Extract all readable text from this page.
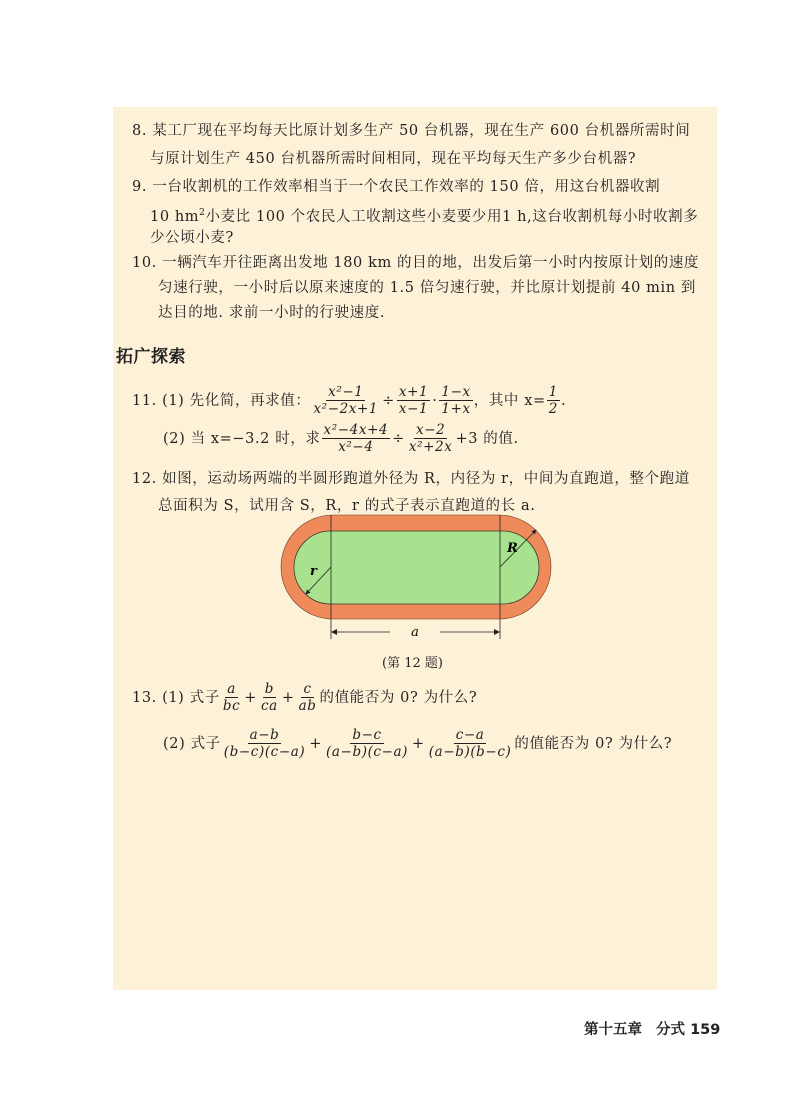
8. 某工厂现在平均每天比原计划多生产 50 台机器，现在生产 600 台机器所需时间
与原计划生产 450 台机器所需时间相同，现在平均每天生产多少台机器?
9. 一台收割机的工作效率相当于一个农民工作效率的 150 倍，用这台机器收割
10 $hm^2$小麦比 100 个农民人工收割这些小麦要少用1 h,这台收割机每小时收割多
少公顷小麦?
10. 一辆汽车开往距离出发地 180 km 的目的地，出发后第一小时内按原计划的速度
匀速行驶，一小时后以原来速度的 1.5 倍匀速行驶，并比原计划提前 40 min 到
达目的地. 求前一小时的行驶速度.
拓广探索
11.
(1)
先化简，再求值： $\frac{\text{x²−1}}{\text{x²−2x+1}} \div \frac{x+1}{x-1} \cdot \frac{1-x}{1+x}$ ，其中 $x= \frac{1}{2}$ .
(2)
当 x=−3.2 时，求 $\frac{\text{x²−4x+4}}{\text{x²−4}} \div \frac{x-2}{\text{x²+2x}} +3$ 的值.
12. 如图，运动场两端的半圆形跑道外径为 R，内径为 r，中间为直跑道，整个跑道
总面积为 S，试用含 S，R，r 的式子表示直跑道的长 a.
r
R
a
(第 12 题)
13.
(1)
式子 $\frac{a}{bc} + \frac{b}{ca} + \frac{c}{ab}$ 的值能否为 0? 为什么?
(2)
式子 $\frac{a-b}{(b-c)(c-a)} + \frac{b-c}{(a-b)(c-a)} + \frac{c-a}{(a-b)(b-c)}$ 的值能否为 0? 为什么?
第十五章 分式 159
